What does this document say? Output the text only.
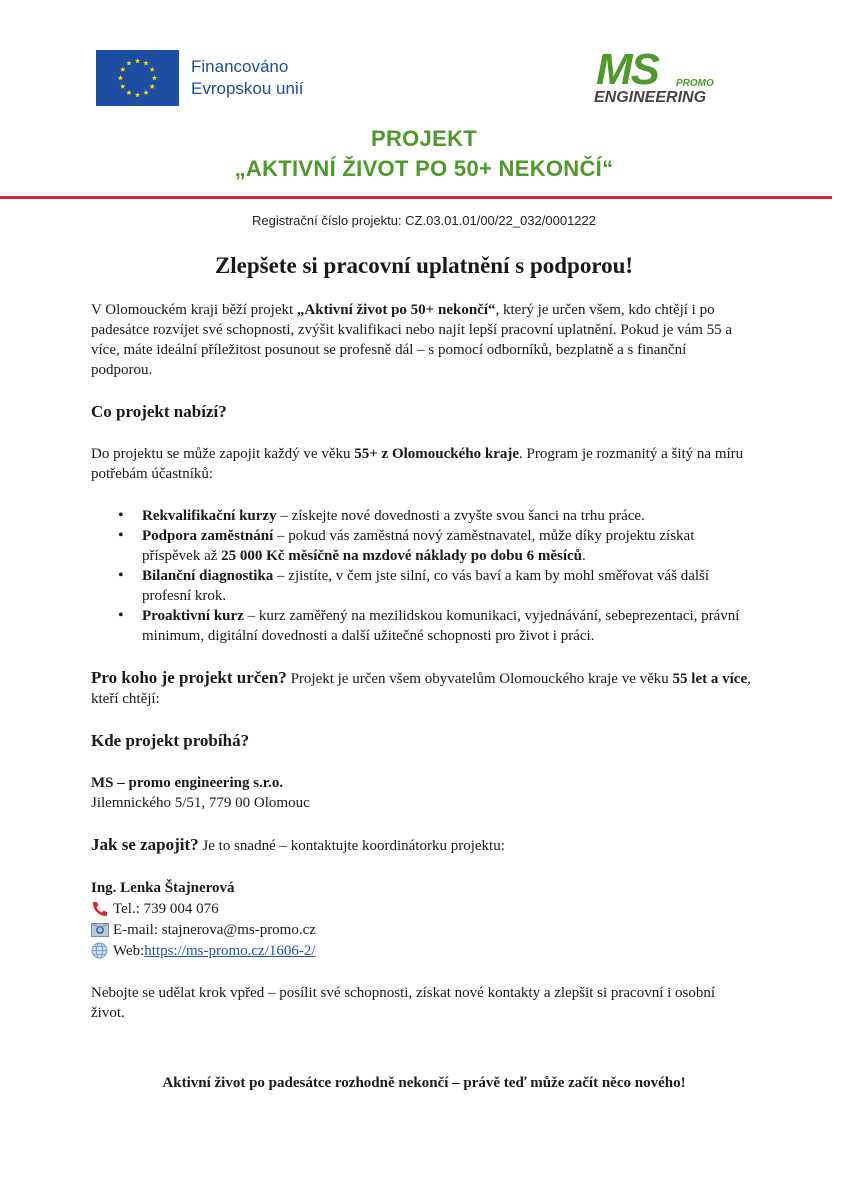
Financováno
Evropskou unií	MS PROMO
ENGINEERING
PROJEKT
„AKTIVNÍ ŽIVOT PO 50+ NEKONČÍ“
Registrační číslo projektu: CZ.03.01.01/00/22_032/0001222
Zlepšete si pracovní uplatnění s podporou!

V Olomouckém kraji běží projekt „Aktivní život po 50+ nekončí“, který je určen všem, kdo chtějí i po padesátce rozvíjet své schopnosti, zvýšit kvalifikaci nebo najít lepší pracovní uplatnění. Pokud je vám 55 a více, máte ideální příležitost posunout se profesně dál – s pomocí odborníků, bezplatně a s finanční podporou.

Co projekt nabízí?

Do projektu se může zapojit každý ve věku 55+ z Olomouckého kraje. Program je rozmanitý a šitý na míru potřebám účastníků:

• Rekvalifikační kurzy – získejte nové dovednosti a zvyšte svou šanci na trhu práce.
• Podpora zaměstnání – pokud vás zaměstná nový zaměstnavatel, může díky projektu získat příspěvek až 25 000 Kč měsíčně na mzdové náklady po dobu 6 měsíců.
• Bilanční diagnostika – zjistíte, v čem jste silní, co vás baví a kam by mohl směřovat váš další profesní krok.
• Proaktivní kurz – kurz zaměřený na mezilidskou komunikaci, vyjednávání, sebeprezentaci, právní minimum, digitální dovednosti a další užitečné schopnosti pro život i práci.

Pro koho je projekt určen? Projekt je určen všem obyvatelům Olomouckého kraje ve věku 55 let a více, kteří chtějí:

Kde projekt probíhá?

MS – promo engineering s.r.o.

Jilemnického 5/51, 779 00 Olomouc

Jak se zapojit? Je to snadné – kontaktujte koordinátorku projektu:

Ing. Lenka Štajnerová

Tel.: 739 004 076
E-mail: stajnerova@ms-promo.cz
Web: https://ms-promo.cz/1606-2/

Nebojte se udělat krok vpřed – posílit své schopnosti, získat nové kontakty a zlepšit si pracovní i osobní život.

Aktivní život po padesátce rozhodně nekončí – právě teď může začít něco nového!
